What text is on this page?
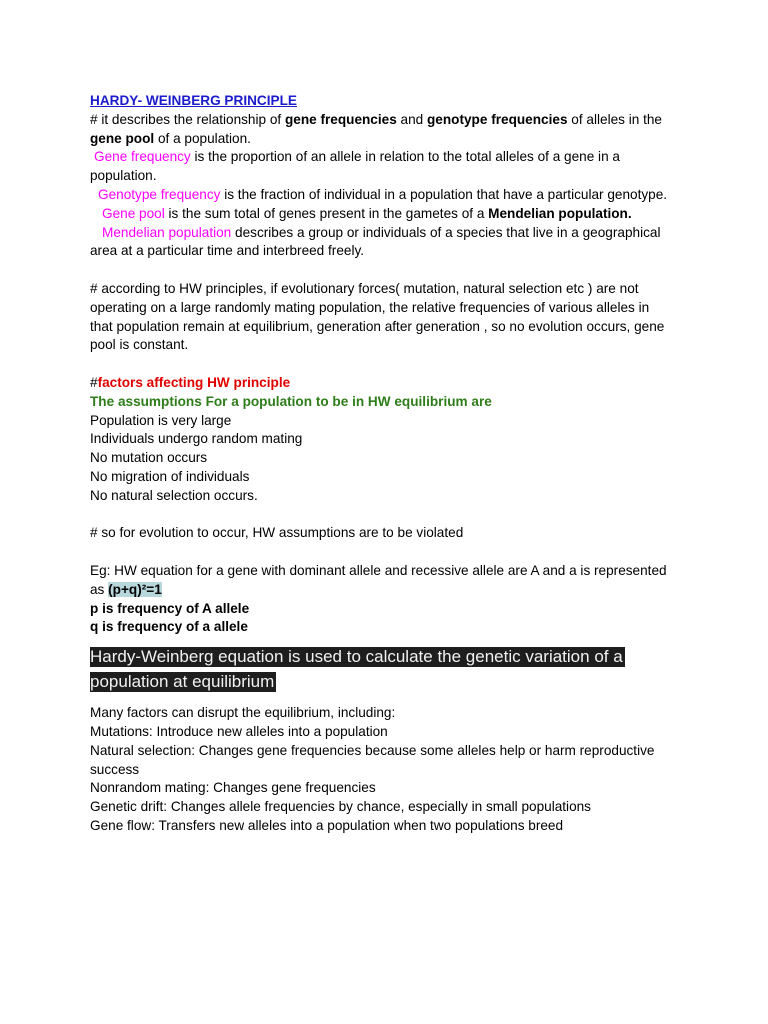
HARDY- WEINBERG PRINCIPLE
# it describes the relationship of gene frequencies and genotype frequencies of alleles in the
gene pool of a population.
Gene frequency is the proportion of an allele in relation to the total alleles of a gene in a
population.
Genotype frequency is the fraction of individual in a population that have a particular genotype.
Gene pool is the sum total of genes present in the gametes of a Mendelian population.
Mendelian population describes a group or individuals of a species that live in a geographical
area at a particular time and interbreed freely.
# according to HW principles, if evolutionary forces( mutation, natural selection etc ) are not
operating on a large randomly mating population, the relative frequencies of various alleles in
that population remain at equilibrium, generation after generation , so no evolution occurs, gene
pool is constant.
#factors affecting HW principle
The assumptions For a population to be in HW equilibrium are
Population is very large
Individuals undergo random mating
No mutation occurs
No migration of individuals
No natural selection occurs.
# so for evolution to occur, HW assumptions are to be violated
Eg: HW equation for a gene with dominant allele and recessive allele are A and a is represented
as (p+q)²=1
p is frequency of A allele
q is frequency of a allele
Hardy-Weinberg equation is used to calculate the genetic variation of a
population at equilibrium
Many factors can disrupt the equilibrium, including:
Mutations: Introduce new alleles into a population
Natural selection: Changes gene frequencies because some alleles help or harm reproductive
success
Nonrandom mating: Changes gene frequencies
Genetic drift: Changes allele frequencies by chance, especially in small populations
Gene flow: Transfers new alleles into a population when two populations breed
